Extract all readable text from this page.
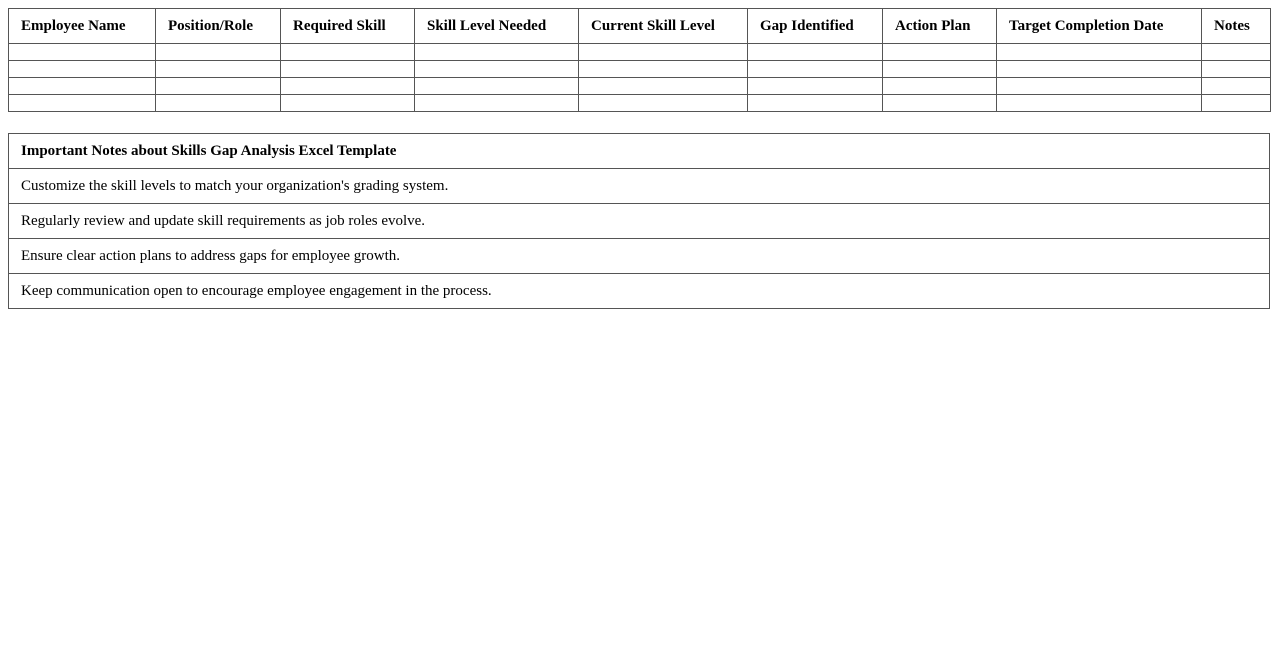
Employee Name	Position/Role	Required Skill	Skill Level Needed	Current Skill Level	Gap Identified	Action Plan	Target Completion Date	Notes

Important Notes about Skills Gap Analysis Excel Template
Customize the skill levels to match your organization's grading system.
Regularly review and update skill requirements as job roles evolve.
Ensure clear action plans to address gaps for employee growth.
Keep communication open to encourage employee engagement in the process.
